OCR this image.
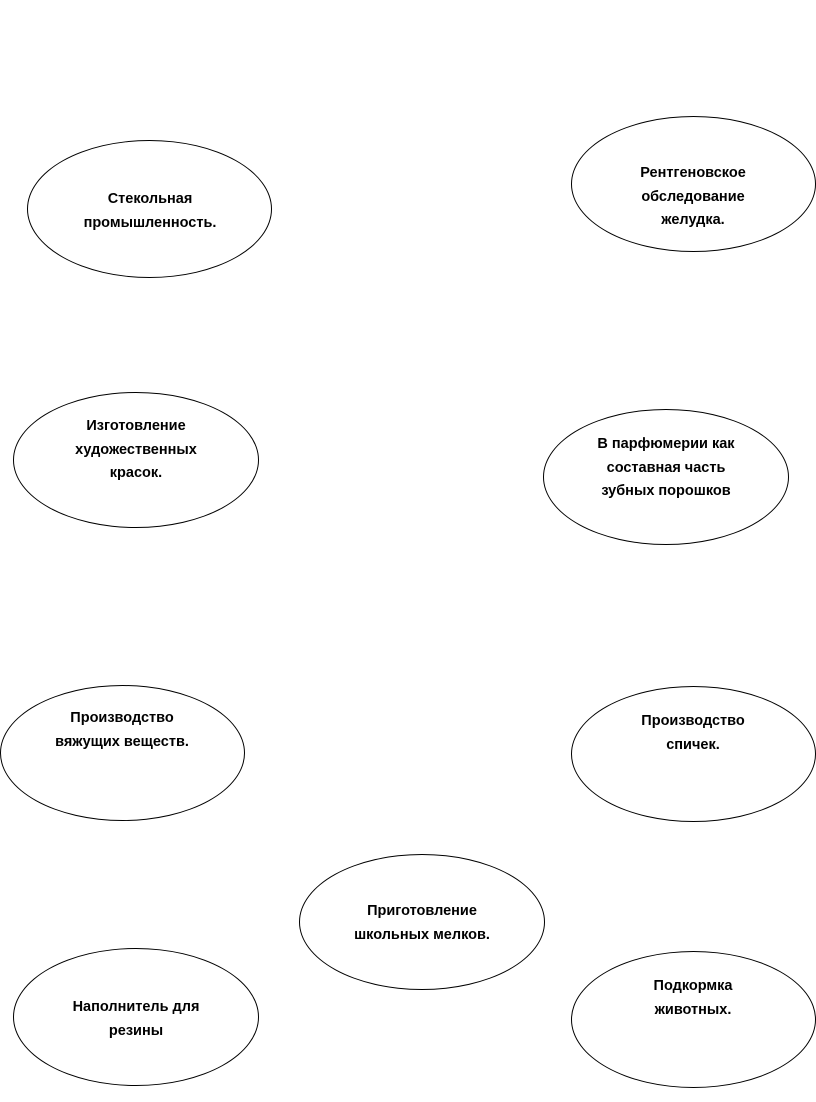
Стекольная
промышленность.
Рентгеновское
обследование
желудка.
Изготовление
художественных
красок.
В парфюмерии как
составная часть
зубных порошков
Производство
вяжущих веществ.
Производство
спичек.
Приготовление
школьных мелков.
Наполнитель для
резины
Подкормка
животных.
